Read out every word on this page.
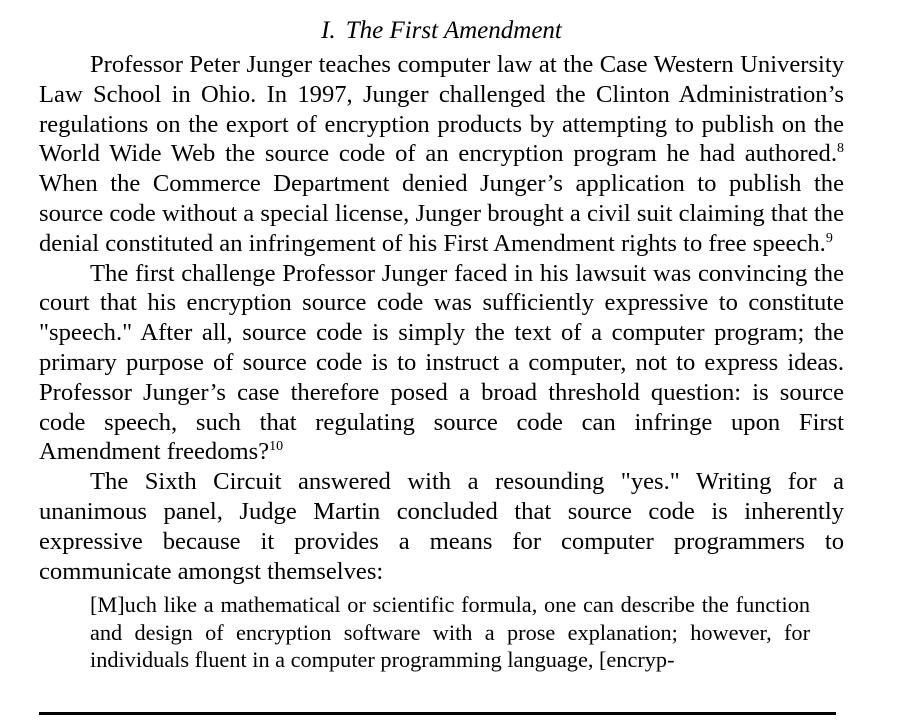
I. The First Amendment

Professor Peter Junger teaches computer law at the Case Western University Law School in Ohio. In 1997, Junger challenged the Clinton Administration’s regulations on the export of encryption products by attempting to publish on the World Wide Web the source code of an encryption program he had authored.$^8$ When the Commerce Department denied Junger’s application to publish the source code without a special license, Junger brought a civil suit claiming that the denial constituted an infringement of his First Amendment rights to free speech.$^9$

The first challenge Professor Junger faced in his lawsuit was convincing the court that his encryption source code was sufficiently expressive to constitute "speech." After all, source code is simply the text of a computer program; the primary purpose of source code is to instruct a computer, not to express ideas. Professor Junger’s case therefore posed a broad threshold question: is source code speech, such that regulating source code can infringe upon First Amendment freedoms?$^{10}$

The Sixth Circuit answered with a resounding "yes." Writing for a unanimous panel, Judge Martin concluded that source code is inherently expressive because it provides a means for computer programmers to communicate amongst themselves:

[M]uch like a mathematical or scientific formula, one can describe the function and design of encryption software with a prose explanation; however, for individuals fluent in a computer programming language, [encryp-
